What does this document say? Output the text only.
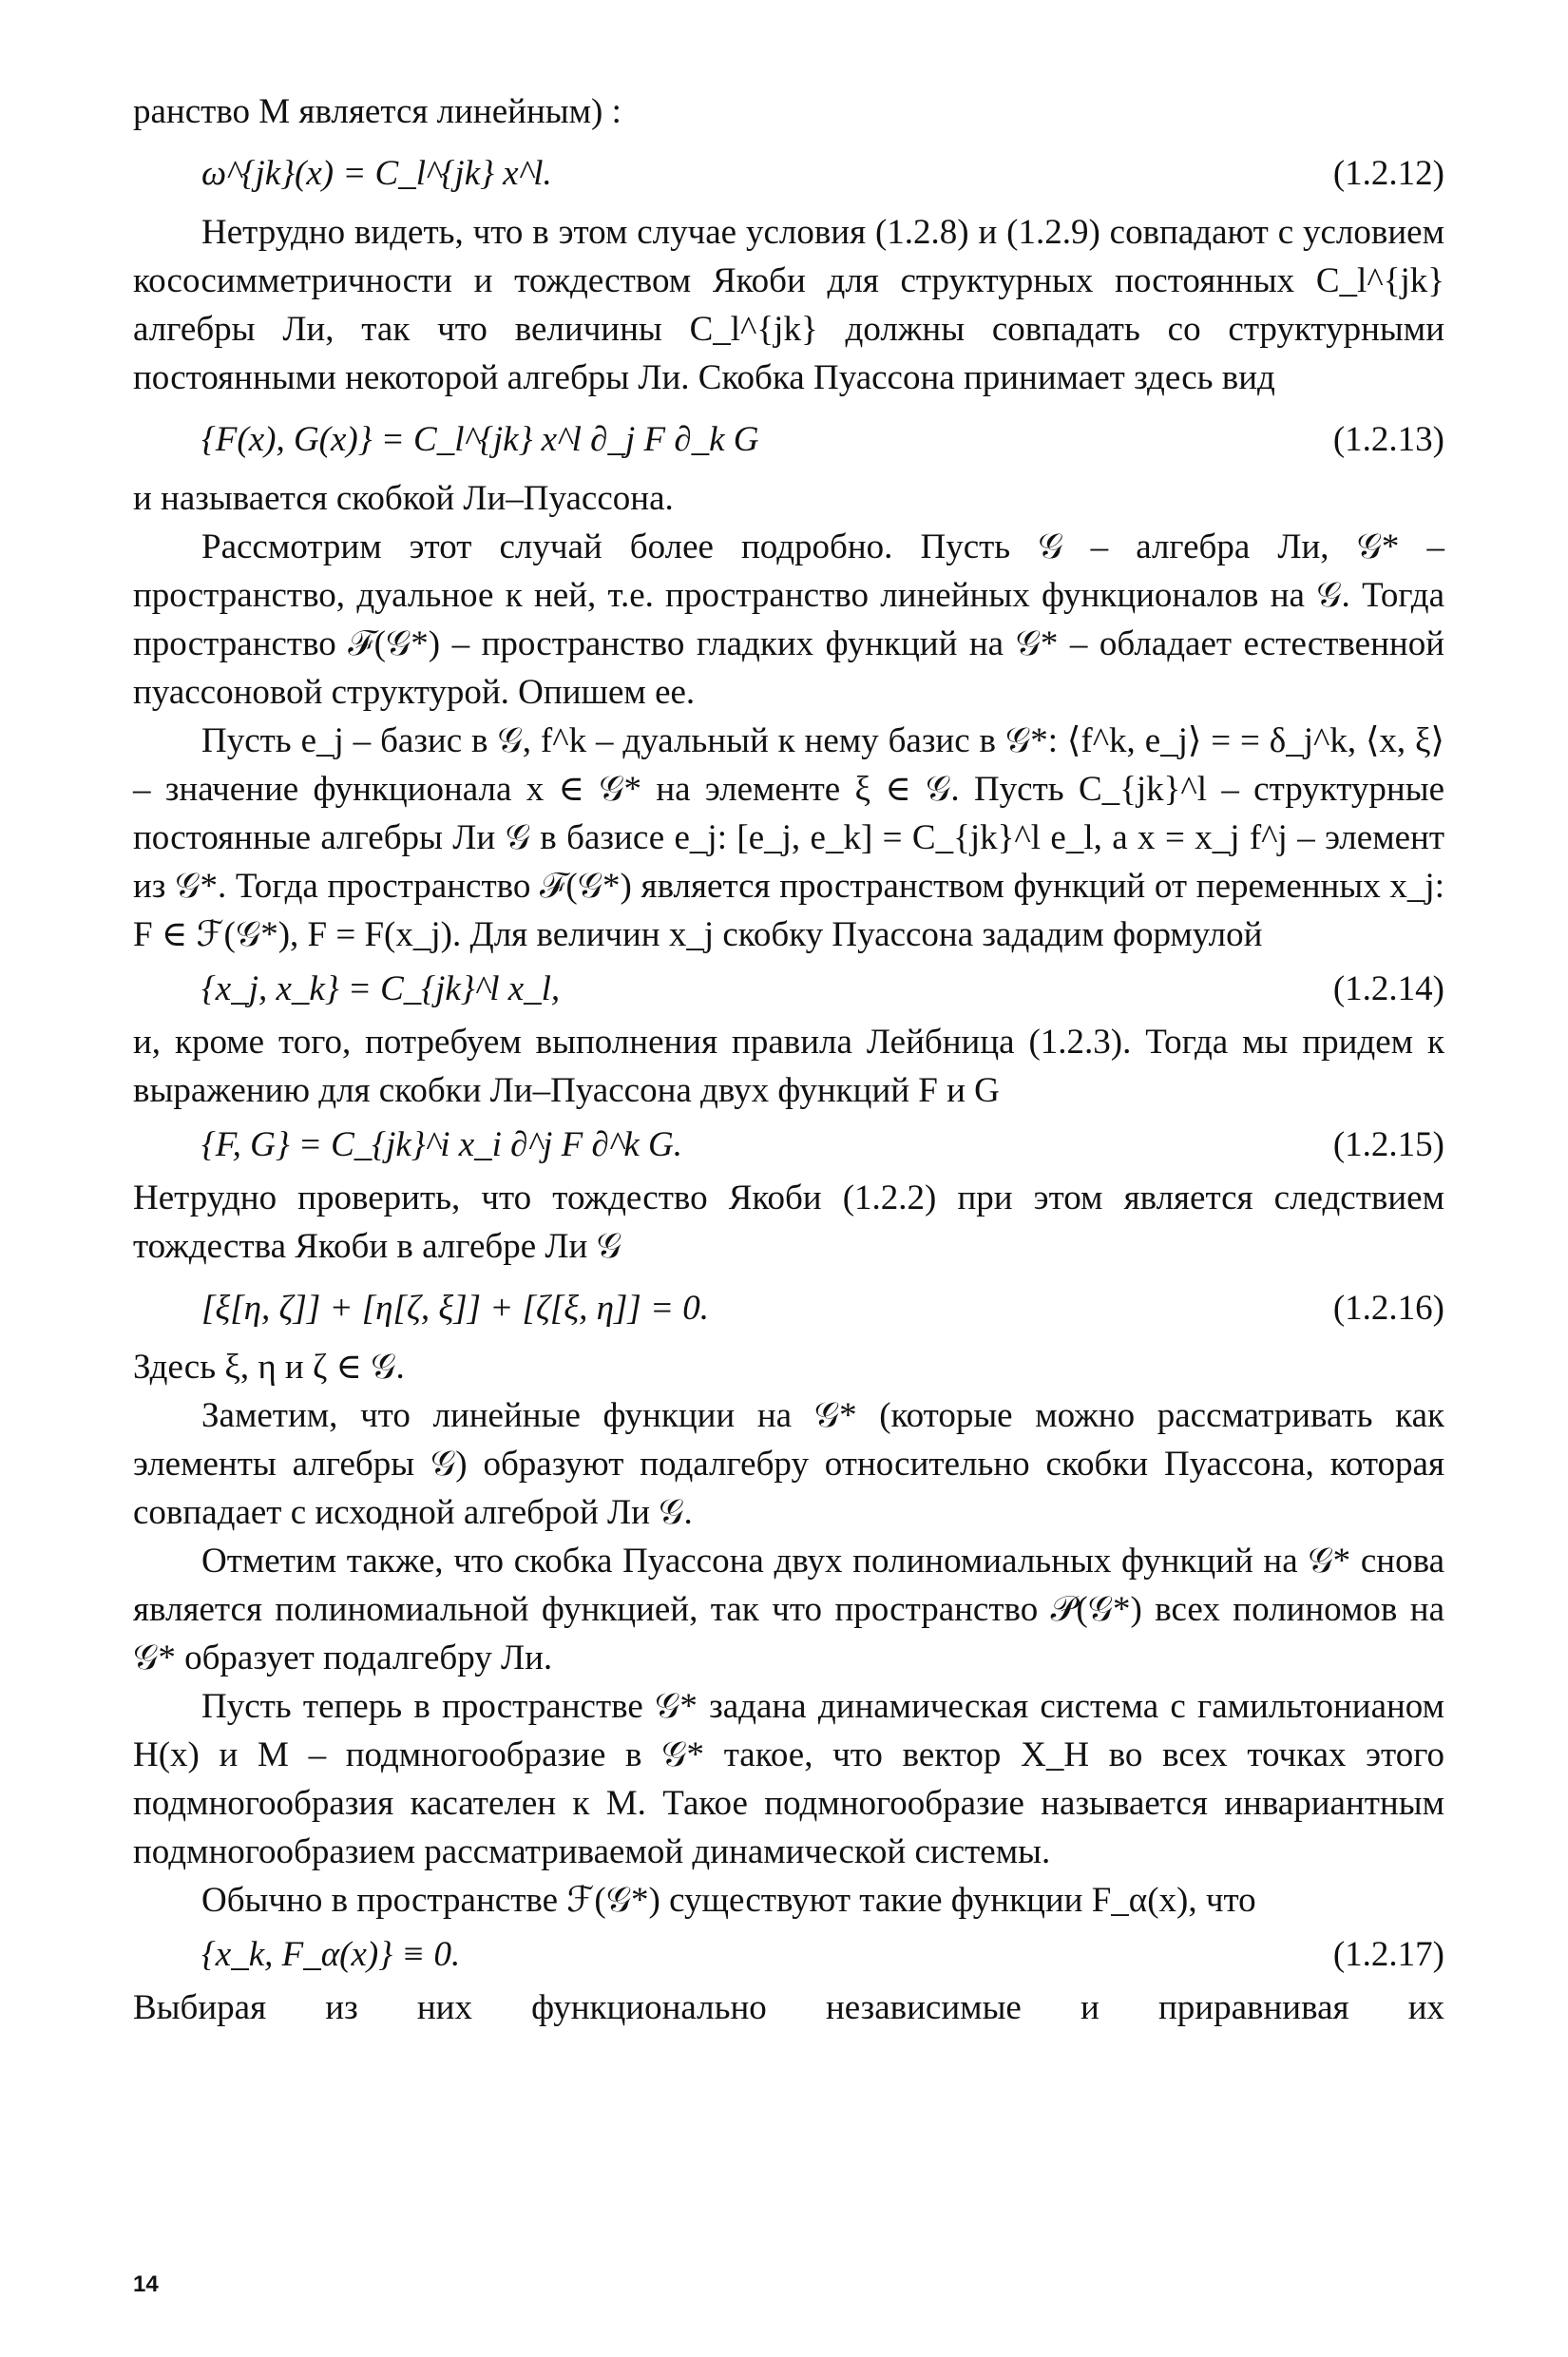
ранство M является линейным) :

ω^{jk}(x) = C_l^{jk} x^l.	(1.2.12)

Нетрудно видеть, что в этом случае условия (1.2.8) и (1.2.9) совпадают с условием кососимметричности и тождеством Якоби для структурных постоянных C_l^{jk} алгебры Ли, так что величины C_l^{jk} должны совпадать со структурными постоянными некоторой алгебры Ли. Скобка Пуассона принимает здесь вид

{F(x), G(x)} = C_l^{jk} x^l ∂_j F ∂_k G	(1.2.13)

и называется скобкой Ли–Пуассона.

Рассмотрим этот случай более подробно. Пусть 𝒢 – алгебра Ли, 𝒢* – пространство, дуальное к ней, т.е. пространство линейных функционалов на 𝒢. Тогда пространство ℱ(𝒢*) – пространство гладких функций на 𝒢* – обладает естественной пуассоновой структурой. Опишем ее.

Пусть e_j – базис в 𝒢, f^k – дуальный к нему базис в 𝒢*: ⟨f^k, e_j⟩ = = δ_j^k, ⟨x, ξ⟩ – значение функционала x ∈ 𝒢* на элементе ξ ∈ 𝒢. Пусть C_{jk}^l – структурные постоянные алгебры Ли 𝒢 в базисе e_j: [e_j, e_k] = C_{jk}^l e_l, а x = x_j f^j – элемент из 𝒢*. Тогда пространство ℱ(𝒢*) является пространством функций от переменных x_j: F ∈ ℱ(𝒢*), F = F(x_j). Для величин x_j скобку Пуассона зададим формулой

{x_j, x_k} = C_{jk}^l x_l,	(1.2.14)

и, кроме того, потребуем выполнения правила Лейбница (1.2.3). Тогда мы придем к выражению для скобки Ли–Пуассона двух функций F и G

{F, G} = C_{jk}^i x_i ∂^j F ∂^k G.	(1.2.15)

Нетрудно проверить, что тождество Якоби (1.2.2) при этом является следствием тождества Якоби в алгебре Ли 𝒢

[ξ[η, ζ]] + [η[ζ, ξ]] + [ζ[ξ, η]] = 0.	(1.2.16)

Здесь ξ, η и ζ ∈ 𝒢.

Заметим, что линейные функции на 𝒢* (которые можно рассматривать как элементы алгебры 𝒢) образуют подалгебру относительно скобки Пуассона, которая совпадает с исходной алгеброй Ли 𝒢.

Отметим также, что скобка Пуассона двух полиномиальных функций на 𝒢* снова является полиномиальной функцией, так что пространство 𝒫(𝒢*) всех полиномов на 𝒢* образует подалгебру Ли.

Пусть теперь в пространстве 𝒢* задана динамическая система с гамильтонианом H(x) и M – подмногообразие в 𝒢* такое, что вектор X_H во всех точках этого подмногообразия касателен к M. Такое подмногообразие называется инвариантным подмногообразием рассматриваемой динамической системы.

Обычно в пространстве ℱ(𝒢*) существуют такие функции F_α(x), что

{x_k, F_α(x)} ≡ 0.	(1.2.17)

Выбирая из них функционально независимые и приравнивая их

14
